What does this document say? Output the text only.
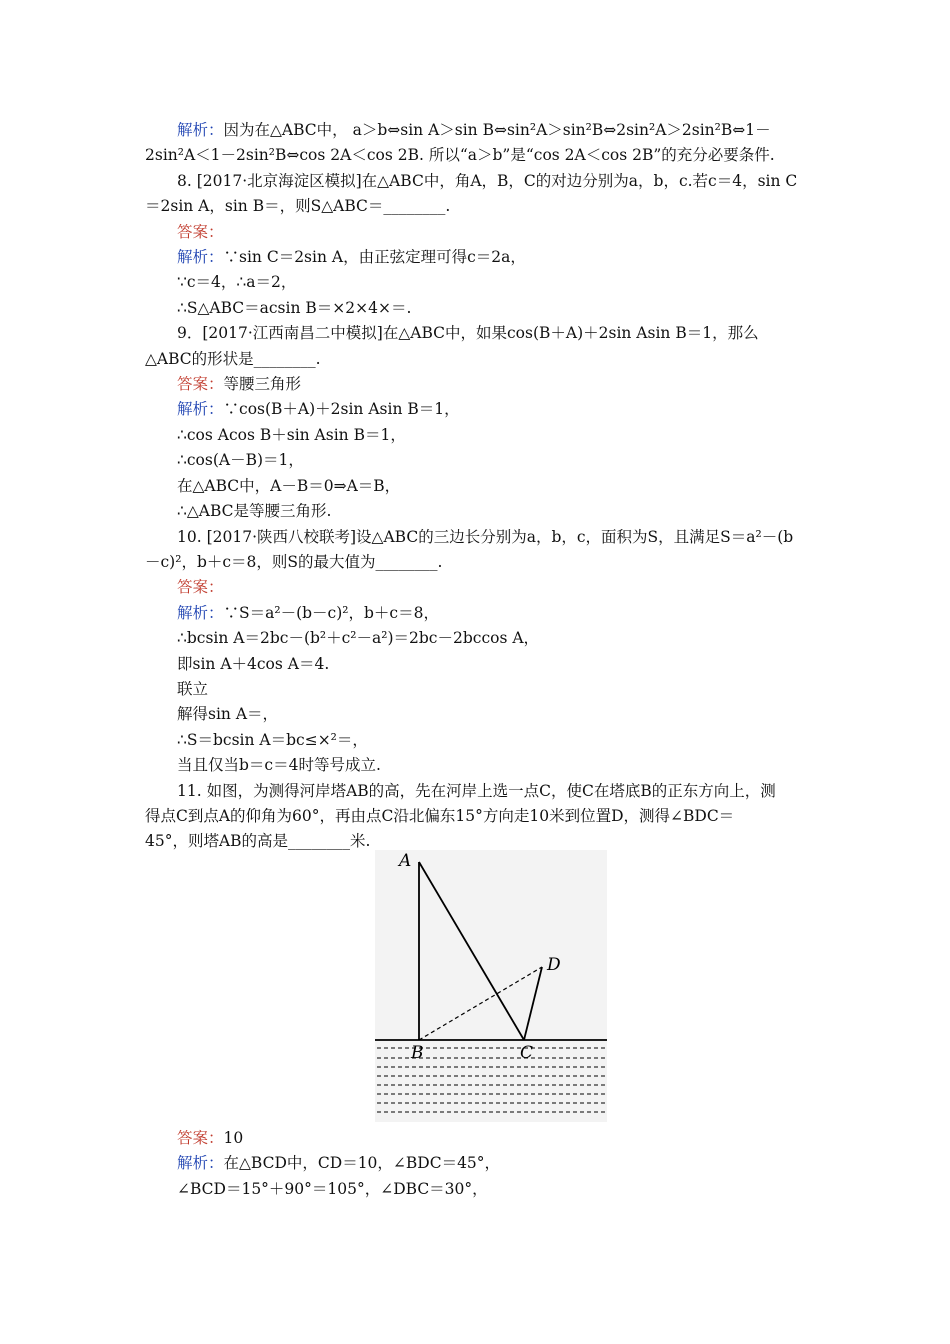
解析：因为在△ABC中， a＞b⇔sin A＞sin B⇔sin²A＞sin²B⇔2sin²A＞2sin²B⇔1－
2sin²A＜1－2sin²B⇔cos 2A＜cos 2B. 所以“a＞b”是“cos 2A＜cos 2B”的充分必要条件.
8. [2017·北京海淀区模拟]在△ABC中，角A，B，C的对边分别为a，b，c.若c＝4，sin C
＝2sin A，sin B＝，则S△ABC＝________.
答案：
解析：∵sin C＝2sin A，由正弦定理可得c＝2a，
∵c＝4，∴a＝2，
∴S△ABC＝acsin B＝×2×4×＝.
9．[2017·江西南昌二中模拟]在△ABC中，如果cos(B＋A)＋2sin Asin B＝1，那么
△ABC的形状是________.
答案：等腰三角形
解析：∵cos(B＋A)＋2sin Asin B＝1，
∴cos Acos B＋sin Asin B＝1，
∴cos(A－B)＝1，
在△ABC中，A－B＝0⇒A＝B，
∴△ABC是等腰三角形.
10. [2017·陕西八校联考]设△ABC的三边长分别为a，b，c，面积为S，且满足S＝a²－(b
－c)²，b＋c＝8，则S的最大值为________.
答案：
解析：∵S＝a²－(b－c)²，b＋c＝8，
∴bcsin A＝2bc－(b²＋c²－a²)＝2bc－2bccos A，
即sin A＋4cos A＝4.
联立
解得sin A＝，
∴S＝bcsin A＝bc≤×²＝，
当且仅当b＝c＝4时等号成立.
11. 如图，为测得河岸塔AB的高，先在河岸上选一点C，使C在塔底B的正东方向上，测
得点C到点A的仰角为60°，再由点C沿北偏东15°方向走10米到位置D，测得∠BDC＝
45°，则塔AB的高是________米.
A
B	C
D
答案：10
解析：在△BCD中，CD＝10，∠BDC＝45°，
∠BCD＝15°＋90°＝105°，∠DBC＝30°，
